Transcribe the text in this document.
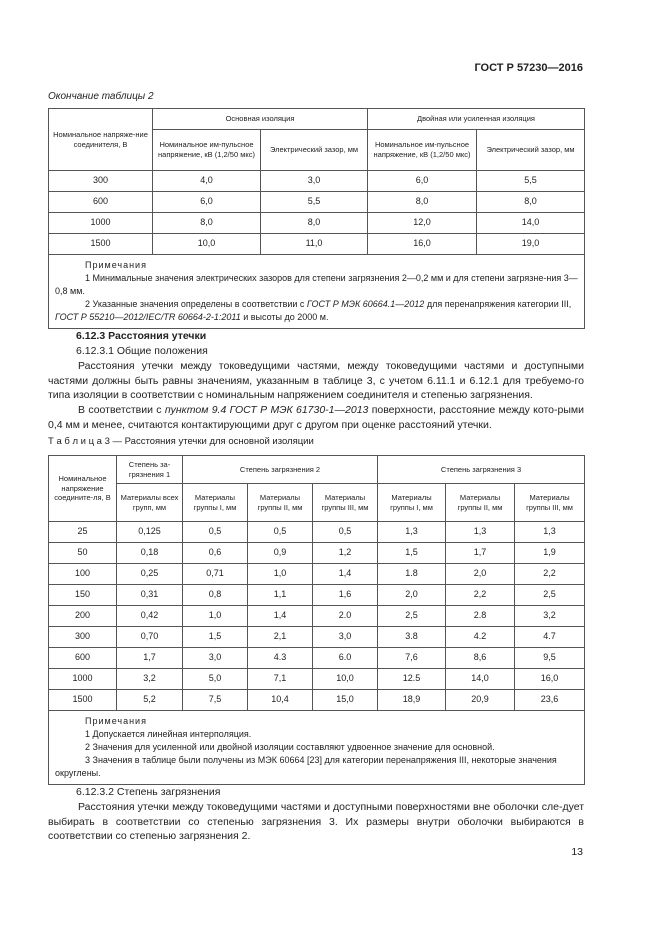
ГОСТ Р 57230—2016
Окончание таблицы 2
Номинальное напряже-ние соединителя, В	Основная изоляция		Двойная или усиленная изоляция	
	Номинальное им-пульсное напряжение, кВ (1,2/50 мкс)	Электрический зазор, мм	Номинальное им-пульсное напряжение, кВ (1,2/50 мкс)	Электрический зазор, мм
300	4,0	3,0	6,0	5,5
600	6,0	5,5	8,0	8,0
1000	8,0	8,0	12,0	14,0
1500	10,0	11,0	16,0	19,0

Примечания
1 Минимальные значения электрических зазоров для степени загрязнения 2—0,2 мм и для степени загрязне-ния 3—0,8 мм.
2 Указанные значения определены в соответствии с ГОСТ Р МЭК 60664.1—2012 для перенапряжения категории III, ГОСТ Р 55210—2012/IEC/TR 60664-2-1:2011 и высоты до 2000 м.				
6.12.3 Расстояния утечки
6.12.3.1 Общие положения
Расстояния утечки между токоведущими частями, между токоведущими частями и доступными частями должны быть равны значениям, указанным в таблице 3, с учетом 6.11.1 и 6.12.1 для требуемо-го типа изоляции в соответствии с номинальным напряжением соединителя и степенью загрязнения.
В соответствии с пунктом 9.4 ГОСТ Р МЭК 61730-1—2013 поверхности, расстояние между кото-рыми 0,4 мм и менее, считаются контактирующими друг с другом при оценке расстояний утечки.
Т а б л и ц а 3 — Расстояния утечки для основной изоляции
Номинальное напряжение соедините-ля, В	Степень за-грязнения 1	Степень загрязнения 2			Степень загрязнения 3		
	Материалы всех групп, мм	Материалы группы I, мм	Материалы группы II, мм	Материалы группы III, мм	Материалы группы I, мм	Материалы группы II, мм	Материалы группы III, мм
25	0,125	0,5	0,5	0,5	1,3	1,3	1,3
50	0,18	0,6	0,9	1,2	1,5	1,7	1,9
100	0,25	0,71	1,0	1,4	1.8	2,0	2,2
150	0,31	0,8	1,1	1,6	2,0	2,2	2,5
200	0,42	1,0	1,4	2.0	2,5	2.8	3,2
300	0,70	1,5	2,1	3,0	3.8	4.2	4.7
600	1,7	3,0	4.3	6.0	7,6	8,6	9,5
1000	3,2	5,0	7,1	10,0	12.5	14,0	16,0
1500	5,2	7,5	10,4	15,0	18,9	20,9	23,6

Примечания
1 Допускается линейная интерполяция.
2 Значения для усиленной или двойной изоляции составляют удвоенное значение для основной.
3 Значения в таблице были получены из МЭК 60664 [23] для категории перенапряжения III, некоторые значения округлены.							
6.12.3.2 Степень загрязнения
Расстояния утечки между токоведущими частями и доступными поверхностями вне оболочки сле-дует выбирать в соответствии со степенью загрязнения 3. Их размеры внутри оболочки выбираются в соответствии со степенью загрязнения 2.
13
